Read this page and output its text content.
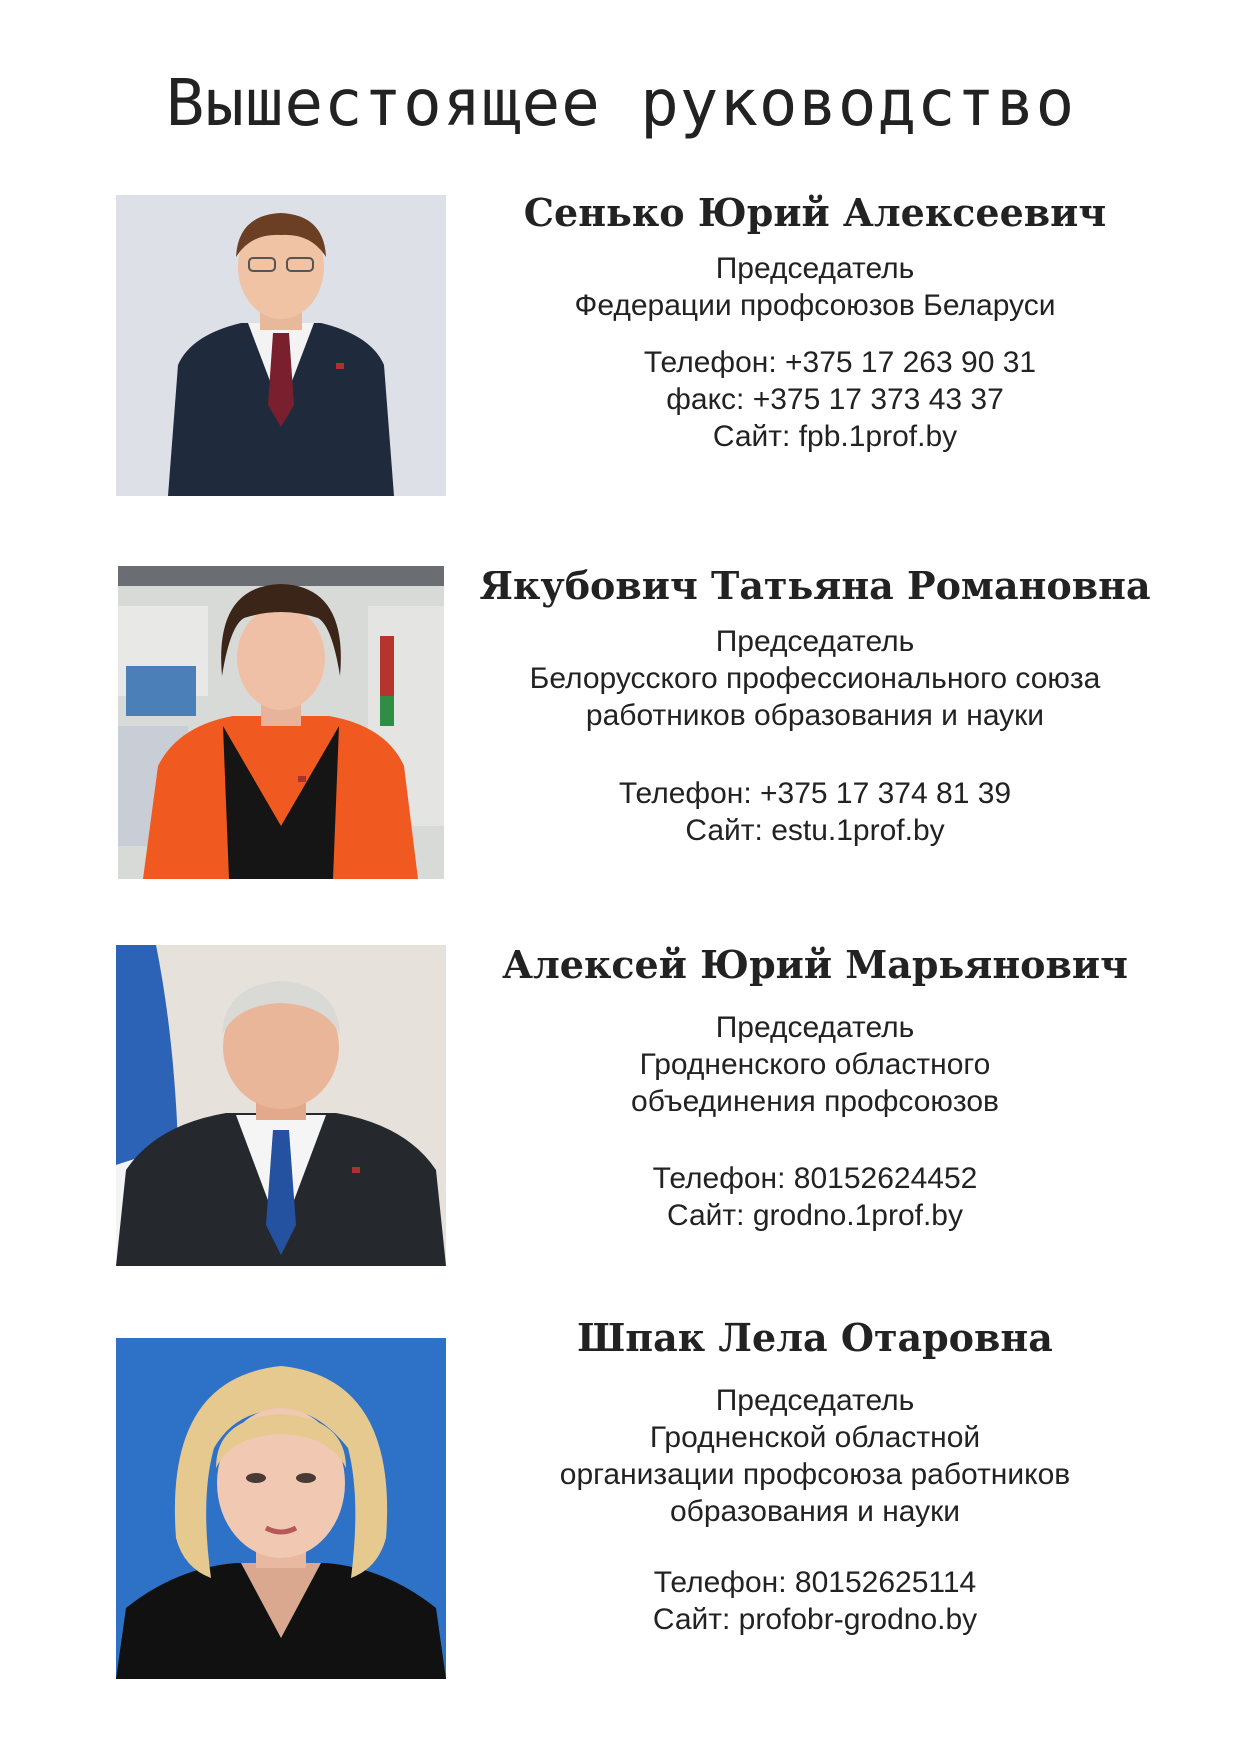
Вышестоящее руководство
Сенько Юрий Алексеевич
Председатель
Федерации профсоюзов Беларуси
Телефон: +375 17 263 90 31
факс: +375 17 373 43 37
Сайт: fpb.1prof.by
Якубович Татьяна Романовна
Председатель
Белорусского профессионального союза
работников образования и науки
Телефон: +375 17 374 81 39
Сайт: estu.1prof.by
Алексей Юрий Марьянович
Председатель
Гродненского областного
объединения профсоюзов
Телефон: 80152624452
Сайт: grodno.1prof.by
Шпак Лела Отаровна
Председатель
Гродненской областной
организации профсоюза работников
образования и науки
Телефон: 80152625114
Сайт: profobr-grodno.by
